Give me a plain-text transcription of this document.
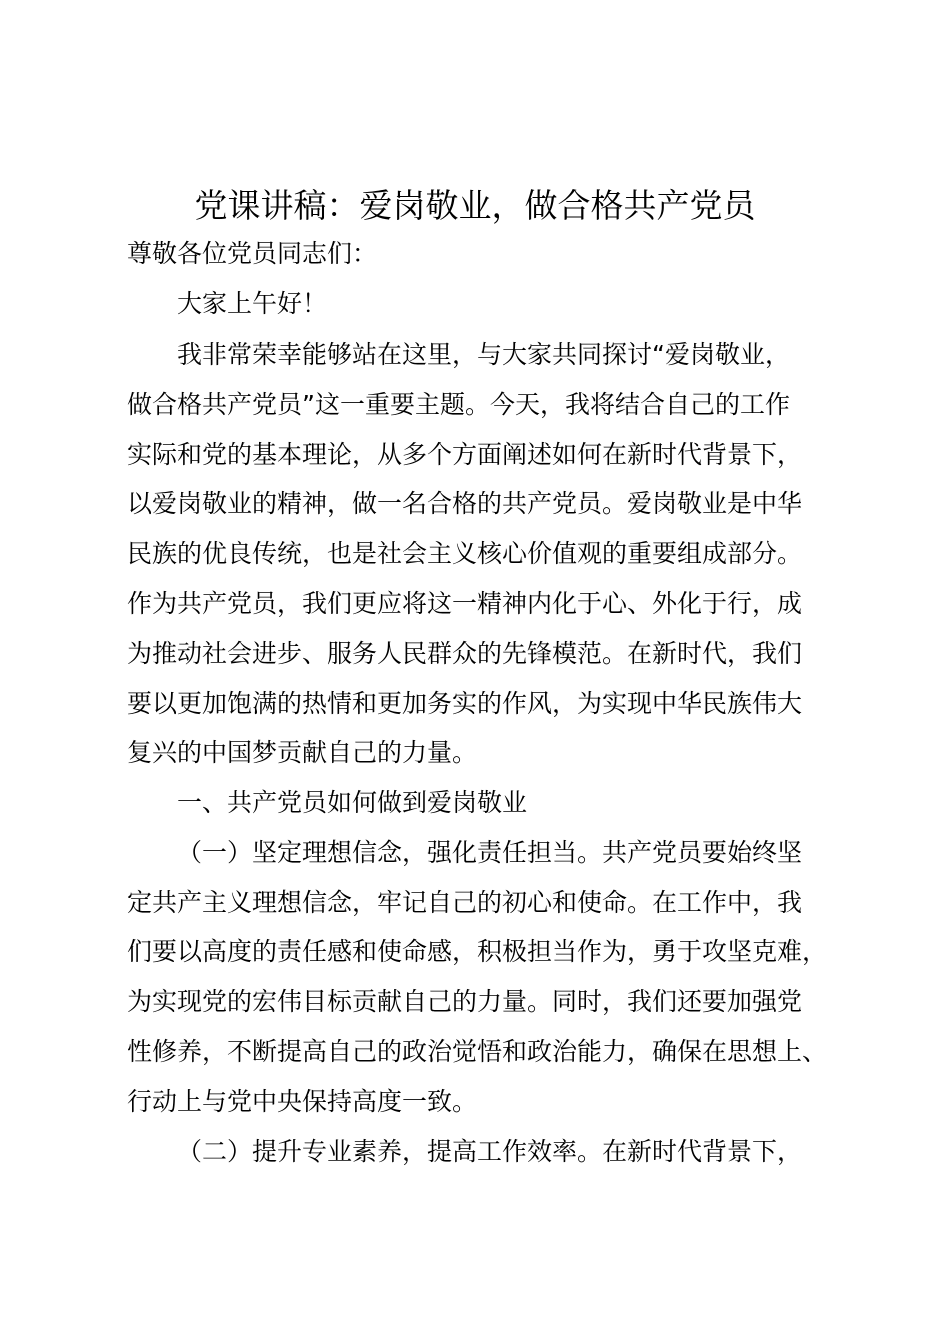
党课讲稿：爱岗敬业，做合格共产党员

尊敬各位党员同志们：

大家上午好！

我非常荣幸能够站在这里，与大家共同探讨“爱岗敬业，

做合格共产党员”这一重要主题。今天，我将结合自己的工作

实际和党的基本理论，从多个方面阐述如何在新时代背景下，

以爱岗敬业的精神，做一名合格的共产党员。爱岗敬业是中华

民族的优良传统，也是社会主义核心价值观的重要组成部分。

作为共产党员，我们更应将这一精神内化于心、外化于行，成

为推动社会进步、服务人民群众的先锋模范。在新时代，我们

要以更加饱满的热情和更加务实的作风，为实现中华民族伟大

复兴的中国梦贡献自己的力量。

一、共产党员如何做到爱岗敬业

（一）坚定理想信念，强化责任担当。共产党员要始终坚

定共产主义理想信念，牢记自己的初心和使命。在工作中，我

们要以高度的责任感和使命感，积极担当作为，勇于攻坚克难，

为实现党的宏伟目标贡献自己的力量。同时，我们还要加强党

性修养，不断提高自己的政治觉悟和政治能力，确保在思想上、

行动上与党中央保持高度一致。

（二）提升专业素养，提高工作效率。在新时代背景下，
